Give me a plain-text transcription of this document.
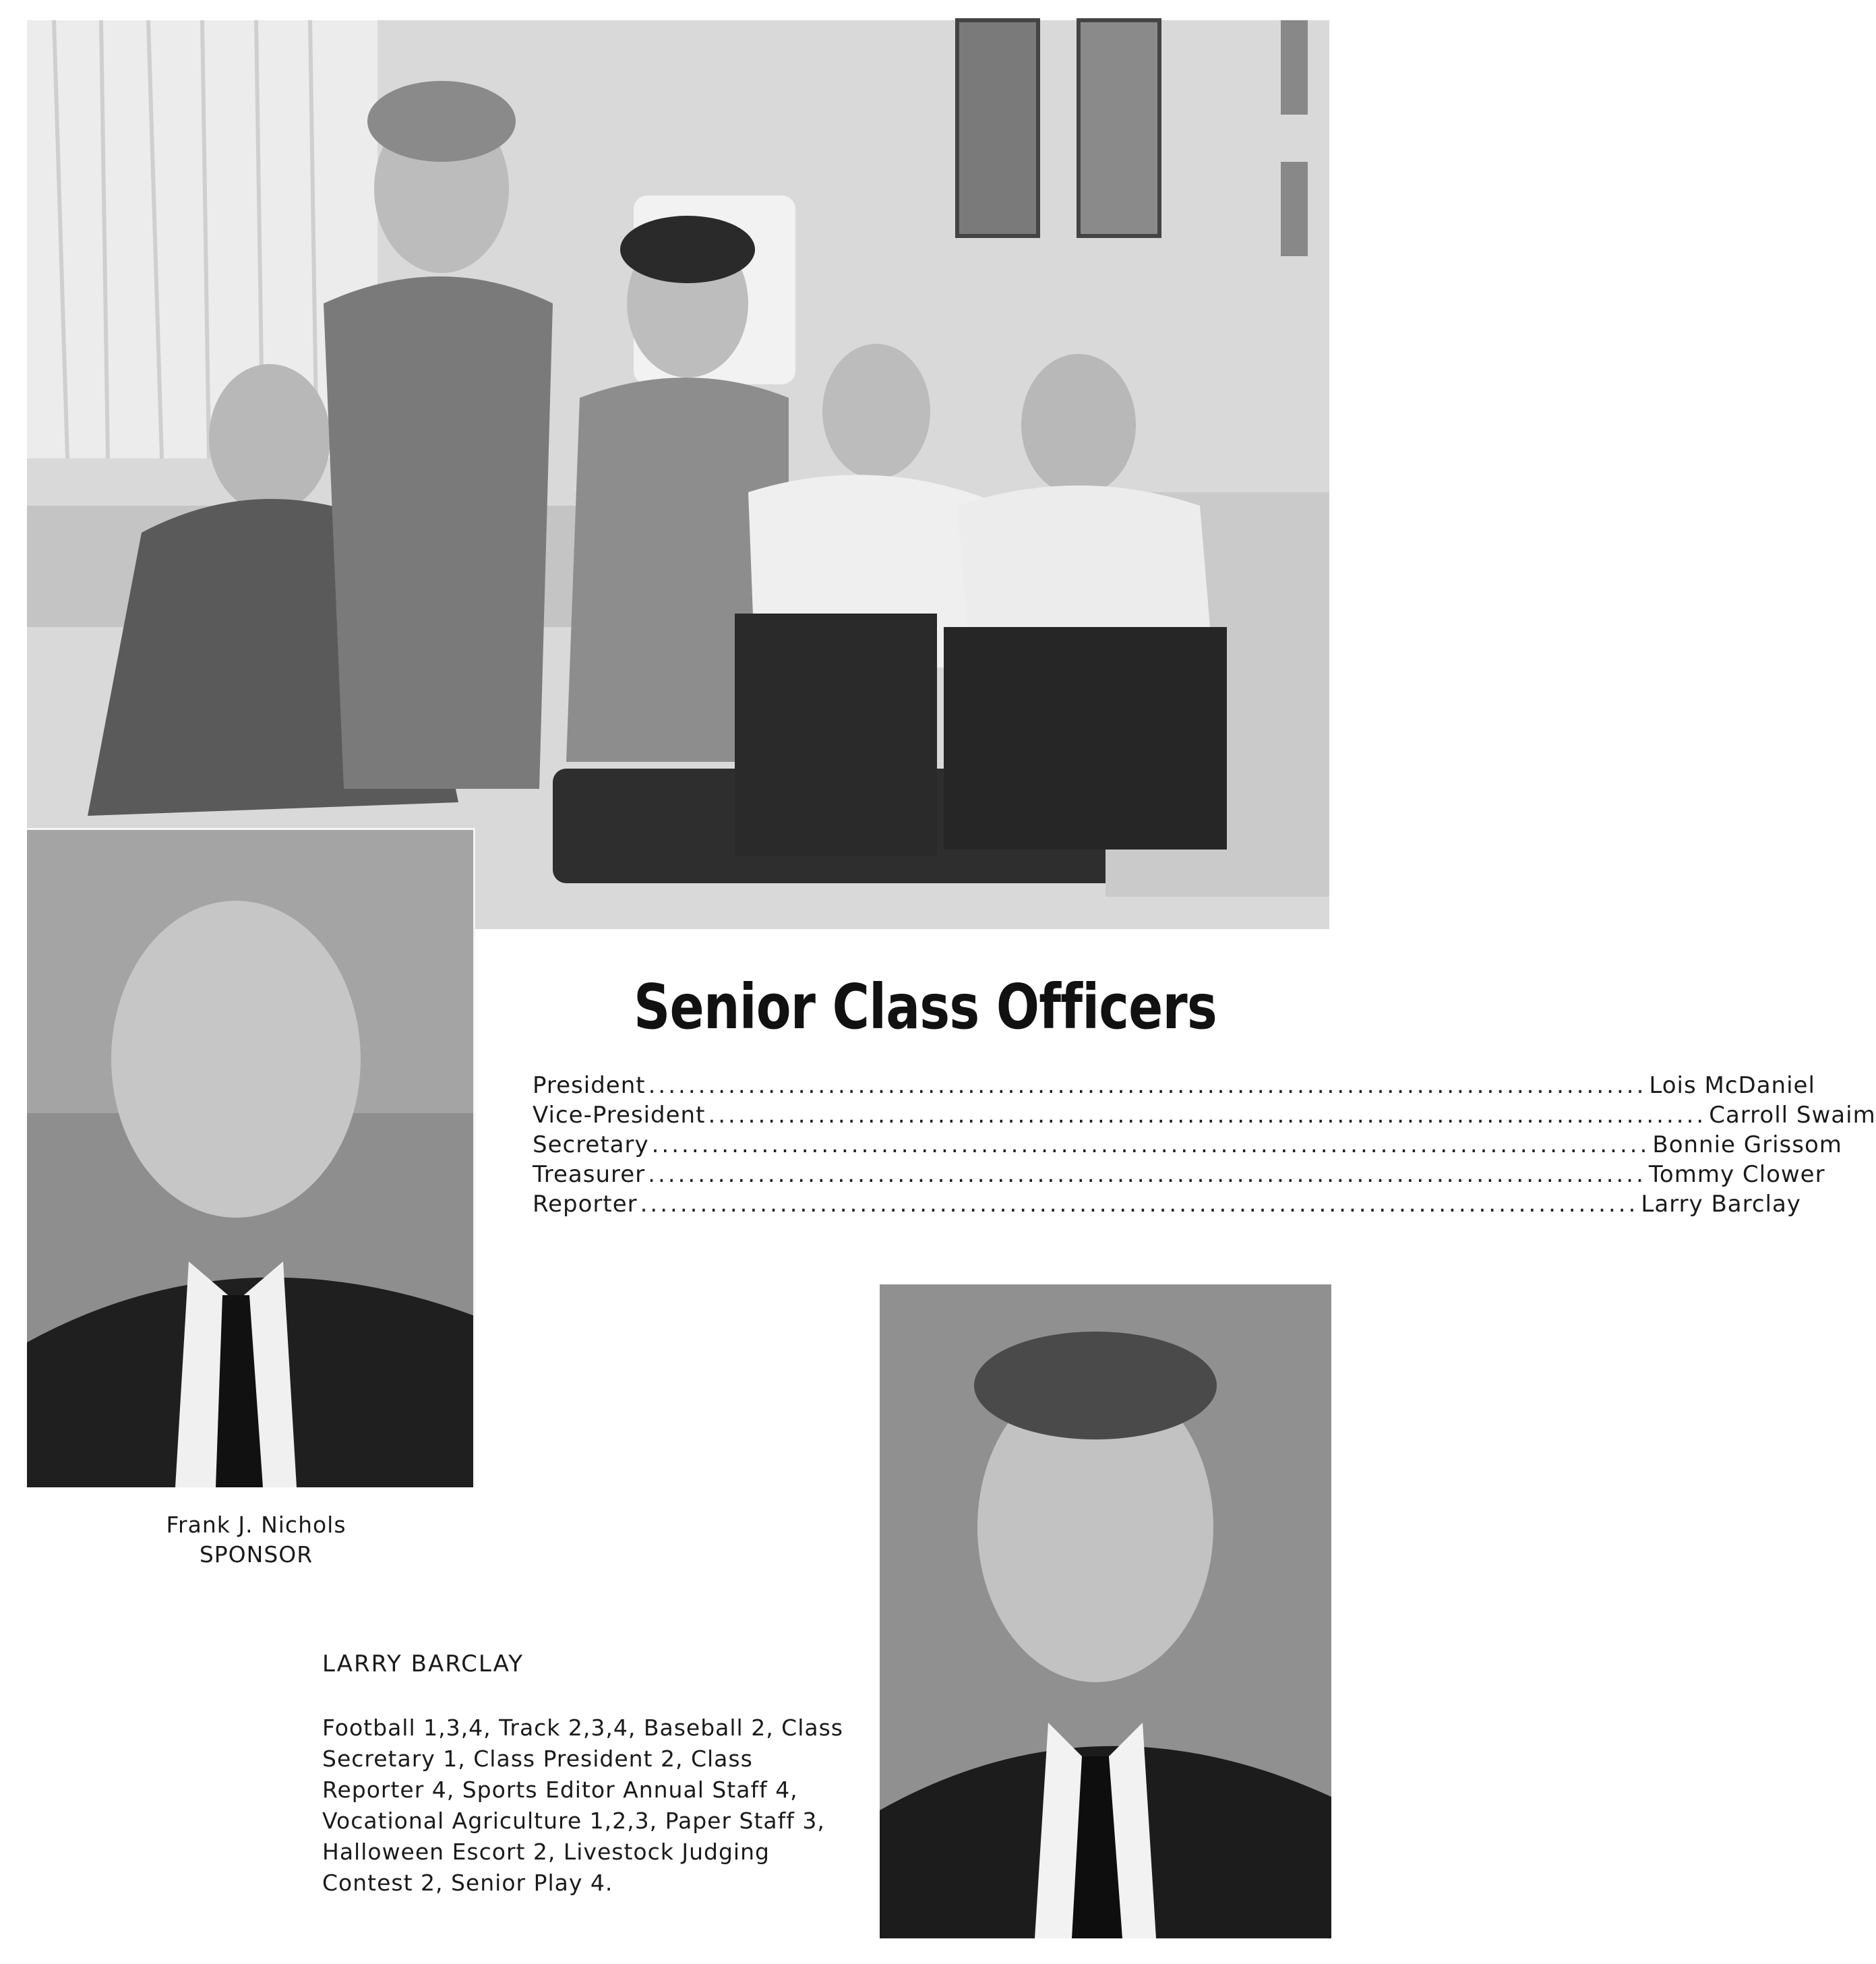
Senior Class Officers
President .................................................................................................... Lois McDaniel
Vice-President .................................................................................................... Carroll Swaim
Secretary .................................................................................................... Bonnie Grissom
Treasurer .................................................................................................... Tommy Clower
Reporter .................................................................................................... Larry Barclay
Frank J. Nichols
SPONSOR
LARRY BARCLAY
Football 1,3,4, Track 2,3,4, Baseball 2, Class Secretary 1, Class President 2, Class Reporter 4, Sports Editor Annual Staff 4, Vocational Agriculture 1,2,3, Paper Staff 3, Halloween Escort 2, Livestock Judging Contest 2, Senior Play 4.
